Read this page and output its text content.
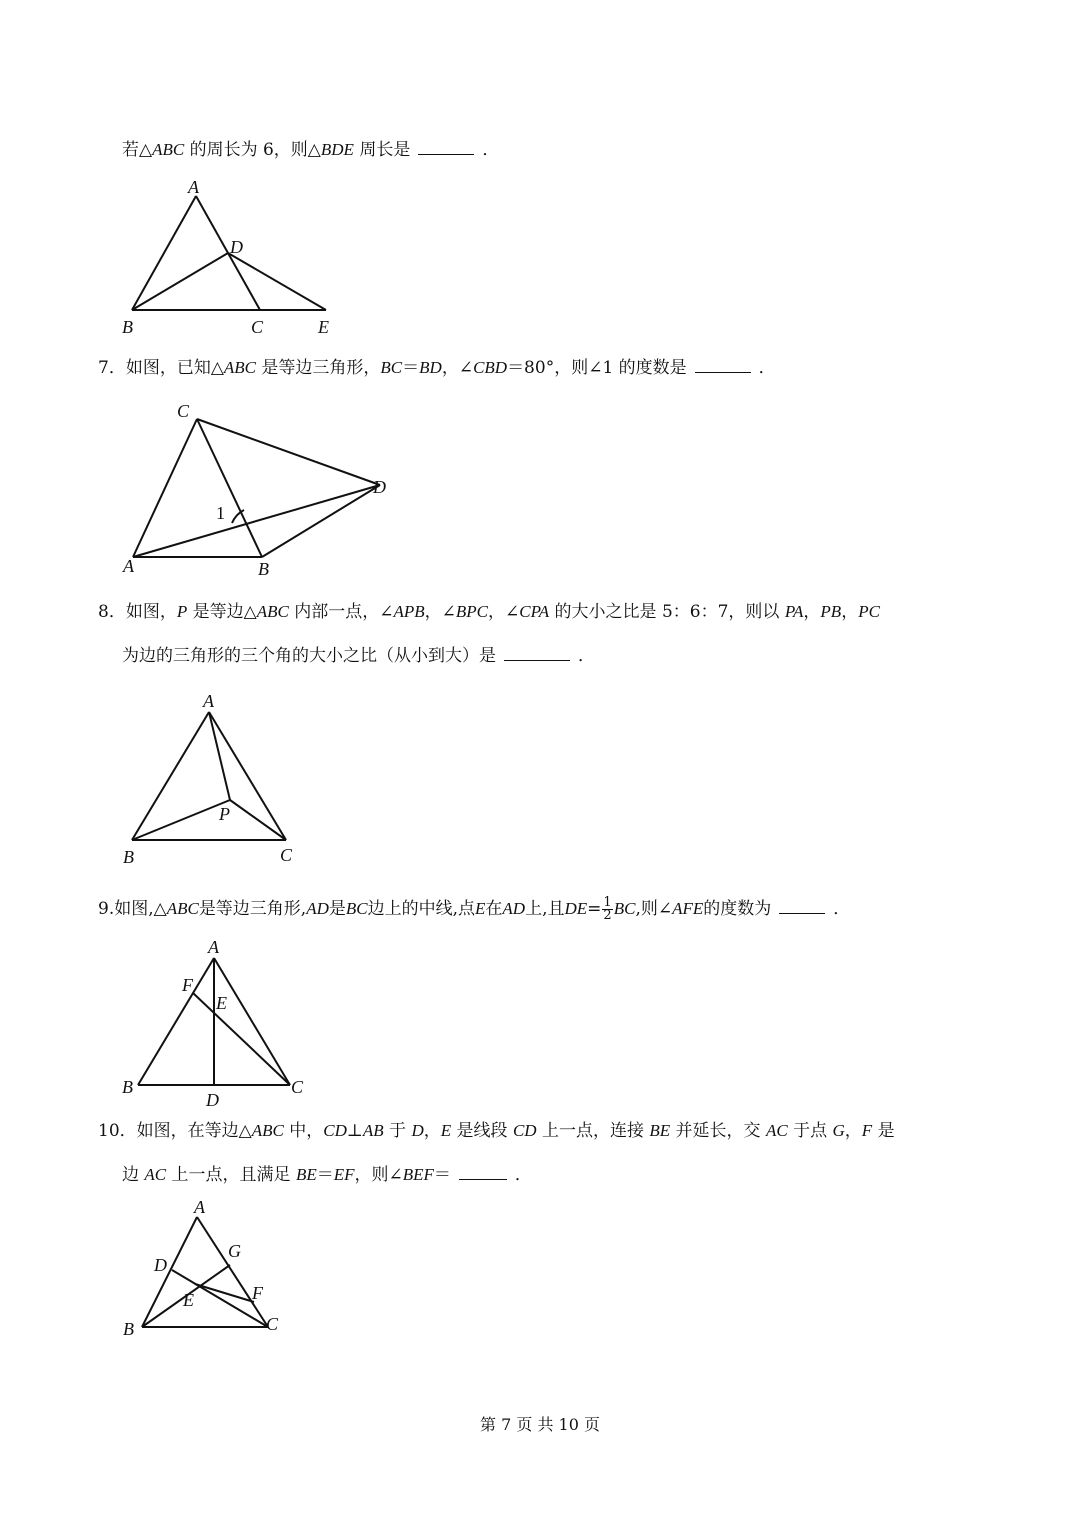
若△ABC 的周长为 6，则△BDE 周长是	．
A
D
B	C	E
7．如图，已知△ABC 是等边三角形，BC＝BD，∠CBD＝80°，则∠1 的度数是	．
C
D
1
A	B
8．如图，P 是等边△ABC 内部一点，∠APB，∠BPC，∠CPA 的大小之比是 5：6：7，则以 PA，PB，PC
为边的三角形的三个角的大小之比（从小到大）是	．
A
P
B	C
9.如图,△ABC是等边三角形,AD是BC边上的中线,点E在AD上,且$DE= \frac{1}{2}$ BC,则∠AFE的度数为	．
A
F
E
B
D
C
10．如图，在等边△ABC 中，CD⊥AB 于 D，E 是线段 CD 上一点，连接 BE 并延长，交 AC 于点 G，F 是
边 AC 上一点，且满足 BE＝EF，则∠BEF＝	．
A
G
D
F
E
B	C
第 7 页 共 10 页
